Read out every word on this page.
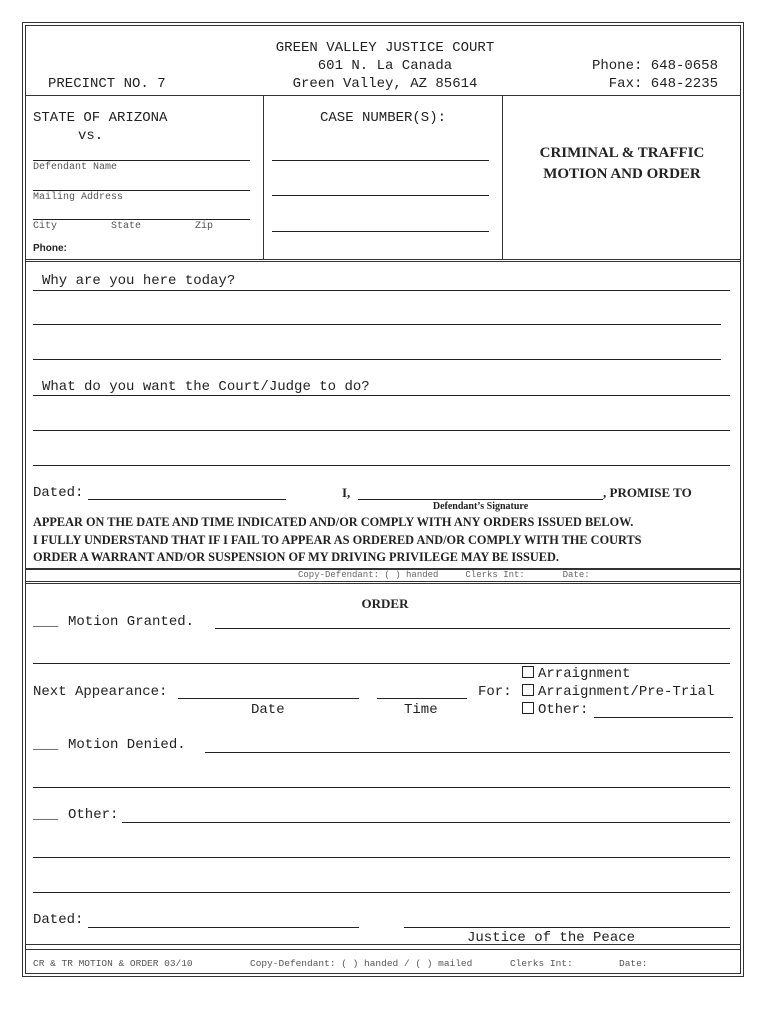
GREEN VALLEY JUSTICE COURT
601 N. La Canada
Green Valley, AZ 85614
PRECINCT NO. 7
Phone: 648-0658
Fax: 648-2235
STATE OF ARIZONA
vs.
Defendant Name
Mailing Address
City	State	Zip
Phone:
CASE NUMBER(S):
CRIMINAL & TRAFFIC
MOTION AND ORDER
Why are you here today?
What do you want the Court/Judge to do?
Dated:	I,	, PROMISE TO
Defendant’s Signature
APPEAR ON THE DATE AND TIME INDICATED AND/OR COMPLY WITH ANY ORDERS ISSUED BELOW.
I FULLY UNDERSTAND THAT IF I FAIL TO APPEAR AS ORDERED AND/OR COMPLY WITH THE COURTS
ORDER A WARRANT AND/OR SUSPENSION OF MY DRIVING PRIVILEGE MAY BE ISSUED.
Copy-Defendant: ( ) handed     Clerks Int:       Date:
ORDER
___ Motion Granted.
Next Appearance:
Date	Time
For:
Arraignment
Arraignment/Pre-Trial
Other:
___ Motion Denied.
___ Other:
Dated:
Justice of the Peace
CR & TR MOTION & ORDER 03/10	Copy-Defendant: ( ) handed / ( ) mailed	Clerks Int:	Date:
